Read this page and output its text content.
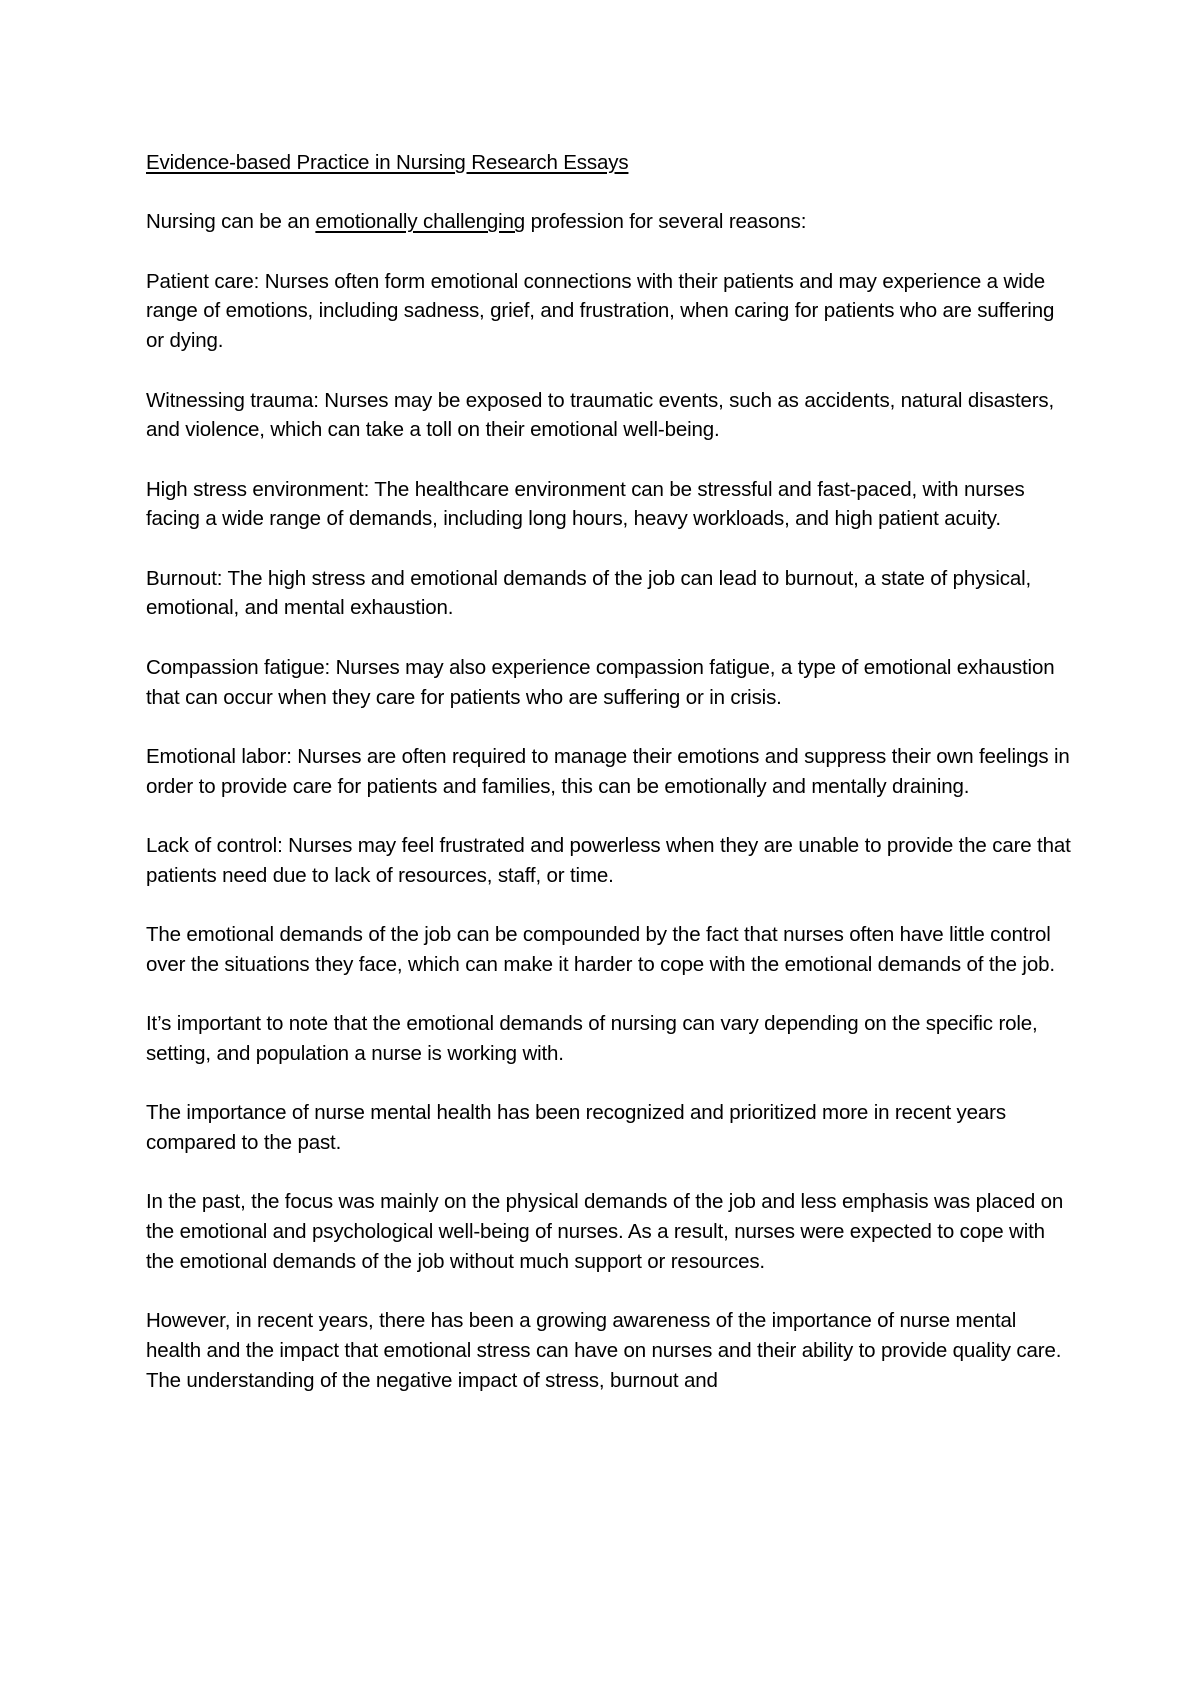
Evidence-based Practice in Nursing Research Essays

Nursing can be an emotionally challenging profession for several reasons:

Patient care: Nurses often form emotional connections with their patients and may experience a wide range of emotions, including sadness, grief, and frustration, when caring for patients who are suffering or dying.

Witnessing trauma: Nurses may be exposed to traumatic events, such as accidents, natural disasters, and violence, which can take a toll on their emotional well-being.

High stress environment: The healthcare environment can be stressful and fast-paced, with nurses facing a wide range of demands, including long hours, heavy workloads, and high patient acuity.

Burnout: The high stress and emotional demands of the job can lead to burnout, a state of physical, emotional, and mental exhaustion.

Compassion fatigue: Nurses may also experience compassion fatigue, a type of emotional exhaustion that can occur when they care for patients who are suffering or in crisis.

Emotional labor: Nurses are often required to manage their emotions and suppress their own feelings in order to provide care for patients and families, this can be emotionally and mentally draining.

Lack of control: Nurses may feel frustrated and powerless when they are unable to provide the care that patients need due to lack of resources, staff, or time.

The emotional demands of the job can be compounded by the fact that nurses often have little control over the situations they face, which can make it harder to cope with the emotional demands of the job.

It’s important to note that the emotional demands of nursing can vary depending on the specific role, setting, and population a nurse is working with.

The importance of nurse mental health has been recognized and prioritized more in recent years compared to the past.

In the past, the focus was mainly on the physical demands of the job and less emphasis was placed on the emotional and psychological well-being of nurses. As a result, nurses were expected to cope with the emotional demands of the job without much support or resources.

However, in recent years, there has been a growing awareness of the importance of nurse mental health and the impact that emotional stress can have on nurses and their ability to provide quality care. The understanding of the negative impact of stress, burnout and
